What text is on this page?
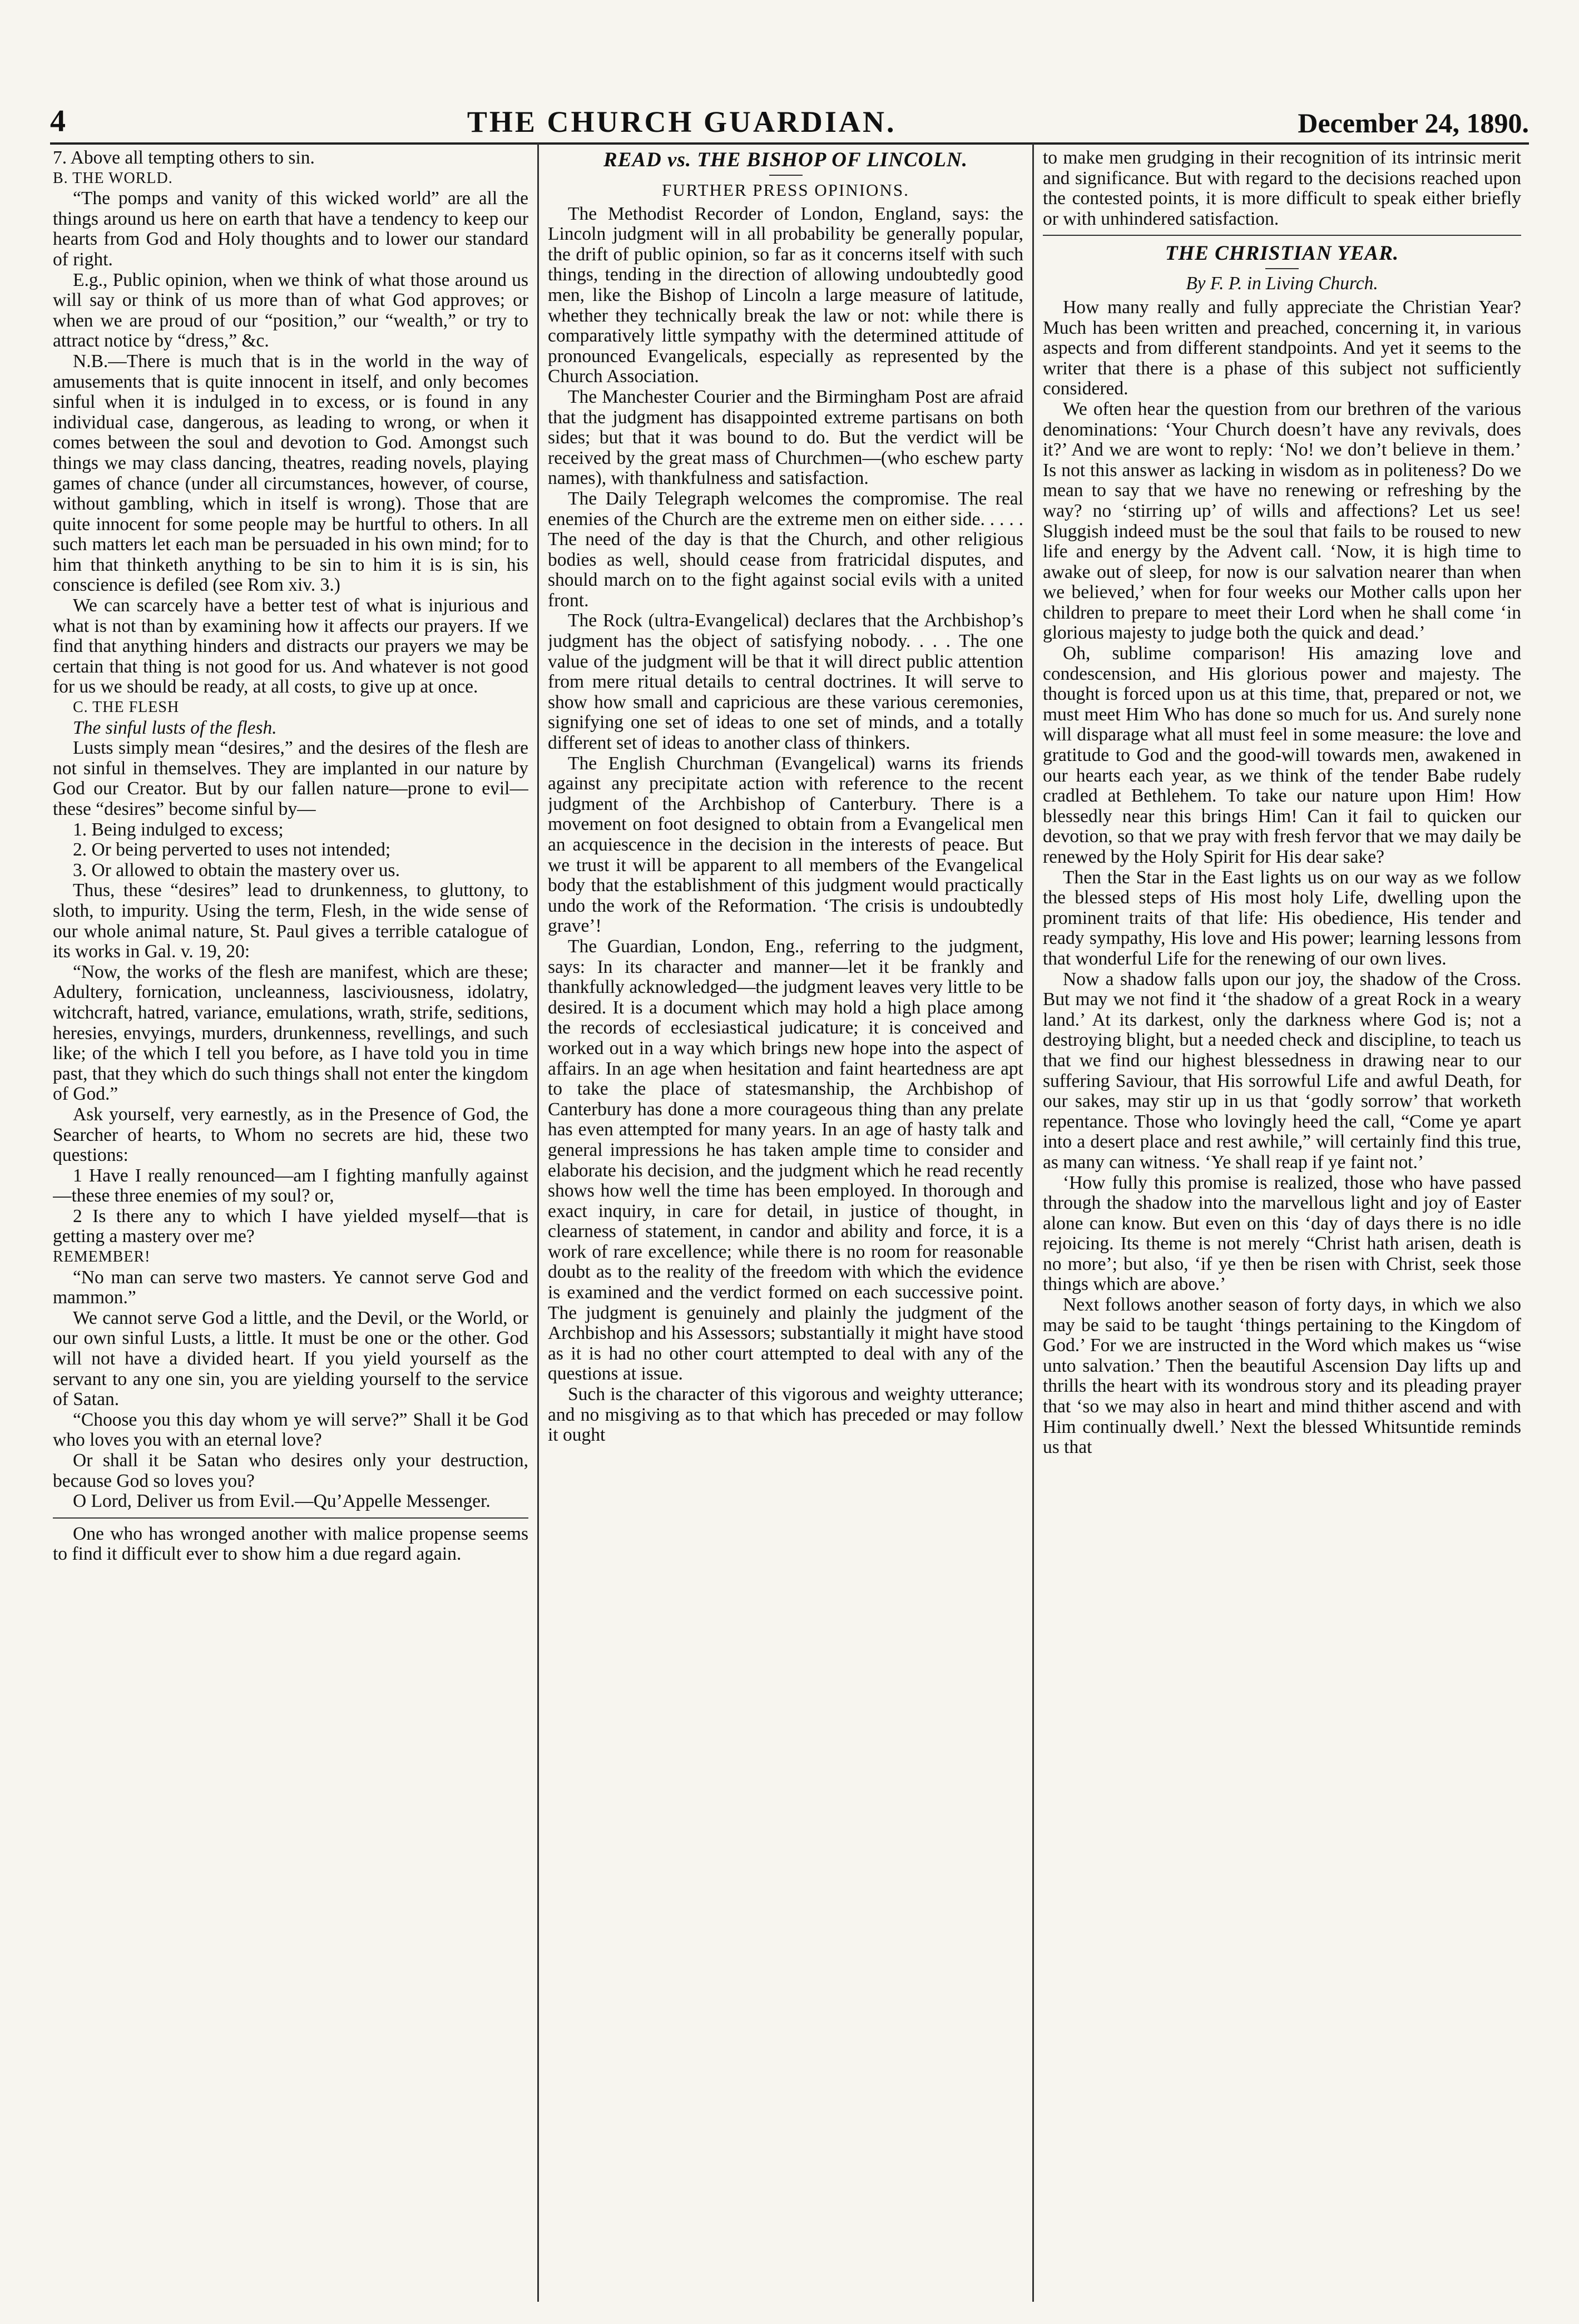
4	THE CHURCH GUARDIAN.	December 24, 1890.

7. Above all tempting others to sin.

B. THE WORLD.

“The pomps and vanity of this wicked world” are all the things around us here on earth that have a tendency to keep our hearts from God and Holy thoughts and to lower our standard of right.

E.g., Public opinion, when we think of what those around us will say or think of us more than of what God approves; or when we are proud of our “position,” our “wealth,” or try to attract notice by “dress,” &c.

N.B.—There is much that is in the world in the way of amusements that is quite innocent in itself, and only becomes sinful when it is indulged in to excess, or is found in any individual case, dangerous, as leading to wrong, or when it comes between the soul and devotion to God. Amongst such things we may class dancing, theatres, reading novels, playing games of chance (under all circumstances, however, of course, without gambling, which in itself is wrong). Those that are quite innocent for some people may be hurtful to others. In all such matters let each man be persuaded in his own mind; for to him that thinketh anything to be sin to him it is is sin, his conscience is defiled (see Rom xiv. 3.)

We can scarcely have a better test of what is injurious and what is not than by examining how it affects our prayers. If we find that anything hinders and distracts our prayers we may be certain that thing is not good for us. And whatever is not good for us we should be ready, at all costs, to give up at once.

C. THE FLESH

The sinful lusts of the flesh.

Lusts simply mean “desires,” and the desires of the flesh are not sinful in themselves. They are implanted in our nature by God our Creator. But by our fallen nature—prone to evil—these “desires” become sinful by—

1. Being indulged to excess;

2. Or being perverted to uses not intended;

3. Or allowed to obtain the mastery over us.

Thus, these “desires” lead to drunkenness, to gluttony, to sloth, to impurity. Using the term, Flesh, in the wide sense of our whole animal nature, St. Paul gives a terrible catalogue of its works in Gal. v. 19, 20:

“Now, the works of the flesh are manifest, which are these; Adultery, fornication, uncleanness, lasciviousness, idolatry, witchcraft, hatred, variance, emulations, wrath, strife, seditions, heresies, envyings, murders, drunkenness, revellings, and such like; of the which I tell you before, as I have told you in time past, that they which do such things shall not enter the kingdom of God.”

Ask yourself, very earnestly, as in the Presence of God, the Searcher of hearts, to Whom no secrets are hid, these two questions:

1 Have I really renounced—am I fighting manfully against—these three enemies of my soul? or,

2 Is there any to which I have yielded myself—that is getting a mastery over me?

REMEMBER!

“No man can serve two masters. Ye cannot serve God and mammon.”

We cannot serve God a little, and the Devil, or the World, or our own sinful Lusts, a little. It must be one or the other. God will not have a divided heart. If you yield yourself as the servant to any one sin, you are yielding yourself to the service of Satan.

“Choose you this day whom ye will serve?” Shall it be God who loves you with an eternal love?

Or shall it be Satan who desires only your destruction, because God so loves you?

O Lord, Deliver us from Evil.—Qu’Appelle Messenger.

One who has wronged another with malice propense seems to find it difficult ever to show him a due regard again.

READ vs. THE BISHOP OF LINCOLN.
FURTHER PRESS OPINIONS.

The Methodist Recorder of London, England, says: the Lincoln judgment will in all probability be generally popular, the drift of public opinion, so far as it concerns itself with such things, tending in the direction of allowing undoubtedly good men, like the Bishop of Lincoln a large measure of latitude, whether they technically break the law or not: while there is comparatively little sympathy with the determined attitude of pronounced Evangelicals, especially as represented by the Church Association.

The Manchester Courier and the Birmingham Post are afraid that the judgment has disappointed extreme partisans on both sides; but that it was bound to do. But the verdict will be received by the great mass of Churchmen—(who eschew party names), with thankfulness and satisfaction.

The Daily Telegraph welcomes the compromise. The real enemies of the Church are the extreme men on either side. . . . . The need of the day is that the Church, and other religious bodies as well, should cease from fratricidal disputes, and should march on to the fight against social evils with a united front.

The Rock (ultra-Evangelical) declares that the Archbishop’s judgment has the object of satisfying nobody. . . . The one value of the judgment will be that it will direct public attention from mere ritual details to central doctrines. It will serve to show how small and capricious are these various ceremonies, signifying one set of ideas to one set of minds, and a totally different set of ideas to another class of thinkers.

The English Churchman (Evangelical) warns its friends against any precipitate action with reference to the recent judgment of the Archbishop of Canterbury. There is a movement on foot designed to obtain from a Evangelical men an acquiescence in the decision in the interests of peace. But we trust it will be apparent to all members of the Evangelical body that the establishment of this judgment would practically undo the work of the Reformation. ‘The crisis is undoubtedly grave’!

The Guardian, London, Eng., referring to the judgment, says: In its character and manner—let it be frankly and thankfully acknowledged—the judgment leaves very little to be desired. It is a document which may hold a high place among the records of ecclesiastical judicature; it is conceived and worked out in a way which brings new hope into the aspect of affairs. In an age when hesitation and faint heartedness are apt to take the place of statesmanship, the Archbishop of Canterbury has done a more courageous thing than any prelate has even attempted for many years. In an age of hasty talk and general impressions he has taken ample time to consider and elaborate his decision, and the judgment which he read recently shows how well the time has been employed. In thorough and exact inquiry, in care for detail, in justice of thought, in clearness of statement, in candor and ability and force, it is a work of rare excellence; while there is no room for reasonable doubt as to the reality of the freedom with which the evidence is examined and the verdict formed on each successive point. The judgment is genuinely and plainly the judgment of the Archbishop and his Assessors; substantially it might have stood as it is had no other court attempted to deal with any of the questions at issue.

Such is the character of this vigorous and weighty utterance; and no misgiving as to that which has preceded or may follow it ought

to make men grudging in their recognition of its intrinsic merit and significance. But with regard to the decisions reached upon the contested points, it is more difficult to speak either briefly or with unhindered satisfaction.

THE CHRISTIAN YEAR.
By F. P. in Living Church.

How many really and fully appreciate the Christian Year? Much has been written and preached, concerning it, in various aspects and from different standpoints. And yet it seems to the writer that there is a phase of this subject not sufficiently considered.

We often hear the question from our brethren of the various denominations: ‘Your Church doesn’t have any revivals, does it?’ And we are wont to reply: ‘No! we don’t believe in them.’ Is not this answer as lacking in wisdom as in politeness? Do we mean to say that we have no renewing or refreshing by the way? no ‘stirring up’ of wills and affections? Let us see! Sluggish indeed must be the soul that fails to be roused to new life and energy by the Advent call. ‘Now, it is high time to awake out of sleep, for now is our salvation nearer than when we believed,’ when for four weeks our Mother calls upon her children to prepare to meet their Lord when he shall come ‘in glorious majesty to judge both the quick and dead.’

Oh, sublime comparison! His amazing love and condescension, and His glorious power and majesty. The thought is forced upon us at this time, that, prepared or not, we must meet Him Who has done so much for us. And surely none will disparage what all must feel in some measure: the love and gratitude to God and the good-will towards men, awakened in our hearts each year, as we think of the tender Babe rudely cradled at Bethlehem. To take our nature upon Him! How blessedly near this brings Him! Can it fail to quicken our devotion, so that we pray with fresh fervor that we may daily be renewed by the Holy Spirit for His dear sake?

Then the Star in the East lights us on our way as we follow the blessed steps of His most holy Life, dwelling upon the prominent traits of that life: His obedience, His tender and ready sympathy, His love and His power; learning lessons from that wonderful Life for the renewing of our own lives.

Now a shadow falls upon our joy, the shadow of the Cross. But may we not find it ‘the shadow of a great Rock in a weary land.’ At its darkest, only the darkness where God is; not a destroying blight, but a needed check and discipline, to teach us that we find our highest blessedness in drawing near to our suffering Saviour, that His sorrowful Life and awful Death, for our sakes, may stir up in us that ‘godly sorrow’ that worketh repentance. Those who lovingly heed the call, “Come ye apart into a desert place and rest awhile,” will certainly find this true, as many can witness. ‘Ye shall reap if ye faint not.’

‘How fully this promise is realized, those who have passed through the shadow into the marvellous light and joy of Easter alone can know. But even on this ‘day of days there is no idle rejoicing. Its theme is not merely “Christ hath arisen, death is no more’; but also, ‘if ye then be risen with Christ, seek those things which are above.’

Next follows another season of forty days, in which we also may be said to be taught ‘things pertaining to the Kingdom of God.’ For we are instructed in the Word which makes us “wise unto salvation.’ Then the beautiful Ascension Day lifts up and thrills the heart with its wondrous story and its pleading prayer that ‘so we may also in heart and mind thither ascend and with Him continually dwell.’ Next the blessed Whitsuntide reminds us that
